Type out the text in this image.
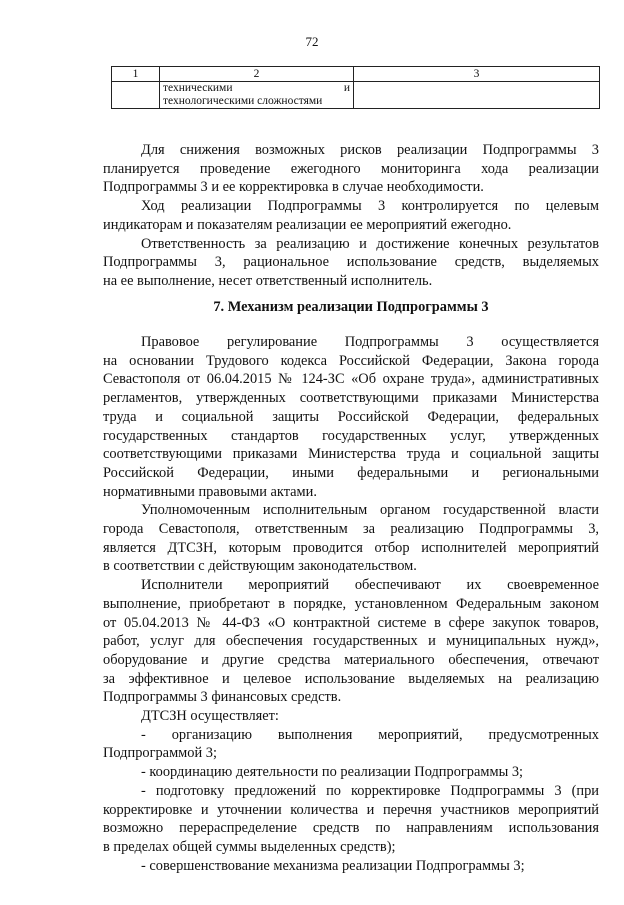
72
1	2	3

	техническими и
технологическими сложностями	

Для снижения возможных рисков реализации Подпрограммы 3
планируется проведение ежегодного мониторинга хода реализации
Подпрограммы 3 и ее корректировка в случае необходимости.

Ход реализации Подпрограммы 3 контролируется по целевым
индикаторам и показателям реализации ее мероприятий ежегодно.

Ответственность за реализацию и достижение конечных результатов
Подпрограммы 3, рациональное использование средств, выделяемых
на ее выполнение, несет ответственный исполнитель.

7. Механизм реализации Подпрограммы 3

Правовое регулирование Подпрограммы 3 осуществляется
на основании Трудового кодекса Российской Федерации, Закона города
Севастополя от 06.04.2015 № 124-ЗС «Об охране труда», административных
регламентов, утвержденных соответствующими приказами Министерства
труда и социальной защиты Российской Федерации, федеральных
государственных стандартов государственных услуг, утвержденных
соответствующими приказами Министерства труда и социальной защиты
Российской Федерации, иными федеральными и региональными
нормативными правовыми актами.

Уполномоченным исполнительным органом государственной власти
города Севастополя, ответственным за реализацию Подпрограммы 3,
является ДТСЗН, которым проводится отбор исполнителей мероприятий
в соответствии с действующим законодательством.

Исполнители мероприятий обеспечивают их своевременное
выполнение, приобретают в порядке, установленном Федеральным законом
от 05.04.2013 № 44-ФЗ «О контрактной системе в сфере закупок товаров,
работ, услуг для обеспечения государственных и муниципальных нужд»,
оборудование и другие средства материального обеспечения, отвечают
за эффективное и целевое использование выделяемых на реализацию
Подпрограммы 3 финансовых средств.

ДТСЗН осуществляет:

- организацию выполнения мероприятий, предусмотренных
Подпрограммой 3;

- координацию деятельности по реализации Подпрограммы 3;

- подготовку предложений по корректировке Подпрограммы 3 (при
корректировке и уточнении количества и перечня участников мероприятий
возможно перераспределение средств по направлениям использования
в пределах общей суммы выделенных средств);

- совершенствование механизма реализации Подпрограммы 3;
